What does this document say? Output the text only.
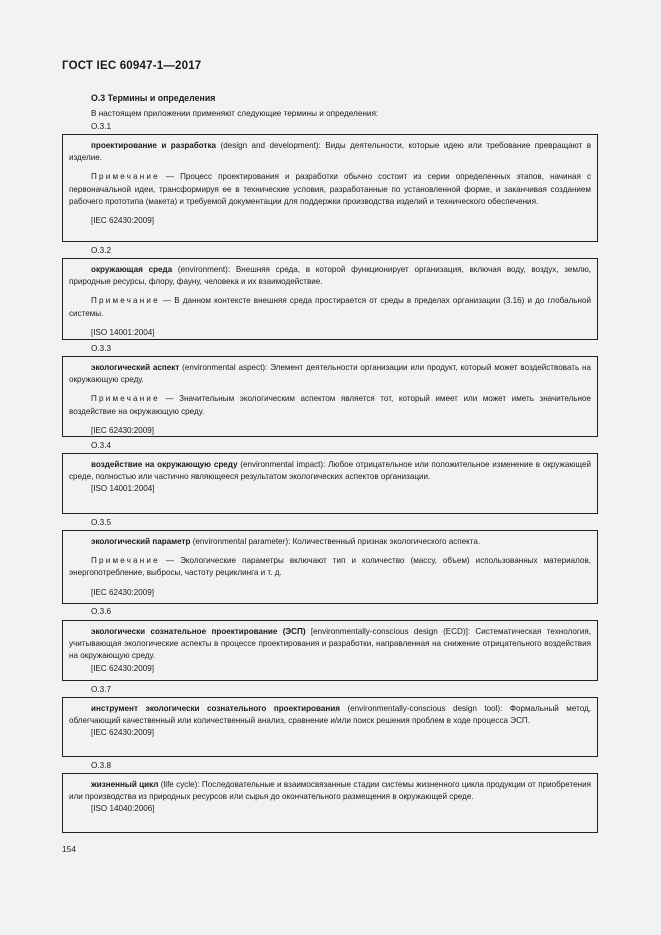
ГОСТ IEC 60947-1—2017
О.3 Термины и определения
В настоящем приложении применяют следующие термины и определения:
О.3.1

проектирование и разработка (design and development): Виды деятельности, которые идею или требование превращают в изделие.

Примечание — Процесс проектирования и разработки обычно состоит из серии определенных этапов, начиная с первоначальной идеи, трансформируя ее в технические условия, разработанные по установленной форме, и заканчивая созданием рабочего прототипа (макета) и требуемой документации для поддержки производства изделий и технического обеспечения.

[IEC 62430:2009]

О.3.2

окружающая среда (environment): Внешняя среда, в которой функционирует организация, включая воду, воздух, землю, природные ресурсы, флору, фауну, человека и их взаимодействие.

Примечание — В данном контексте внешняя среда простирается от среды в пределах организации (3.16) и до глобальной системы.

[ISO 14001:2004]

О.3.3

экологический аспект (environmental aspect): Элемент деятельности организации или продукт, который может воздействовать на окружающую среду.

Примечание — Значительным экологическим аспектом является тот, который имеет или может иметь значительное воздействие на окружающую среду.

[IEC 62430:2009]

О.3.4

воздействие на окружающую среду (environmental impact): Любое отрицательное или положительное изменение в окружающей среде, полностью или частично являющееся результатом экологических аспектов организации.

[ISO 14001:2004]

О.3.5

экологический параметр (environmental parameter): Количественный признак экологического аспекта.

Примечание — Экологические параметры включают тип и количество (массу, объем) использованных материалов, энергопотребление, выбросы, частоту рециклинга и т. д.

[IEC 62430:2009]

О.3.6

экологически сознательное проектирование (ЭСП) [environmentally-conscious design (ECD)]: Систематическая технология, учитывающая экологические аспекты в процессе проектирования и разработки, направленная на снижение отрицательного воздействия на окружающую среду.

[IEC 62430:2009]

О.3.7

инструмент экологически сознательного проектирования (environmentally-conscious design tool): Формальный метод, облегчающий качественный или количественный анализ, сравнение и/или поиск решения проблем в ходе процесса ЭСП.

[IEC 62430:2009]

О.3.8

жизненный цикл (life cycle): Последовательные и взаимосвязанные стадии системы жизненного цикла продукции от приобретения или производства из природных ресурсов или сырья до окончательного размещения в окружающей среде.

[ISO 14040:2006]

154
